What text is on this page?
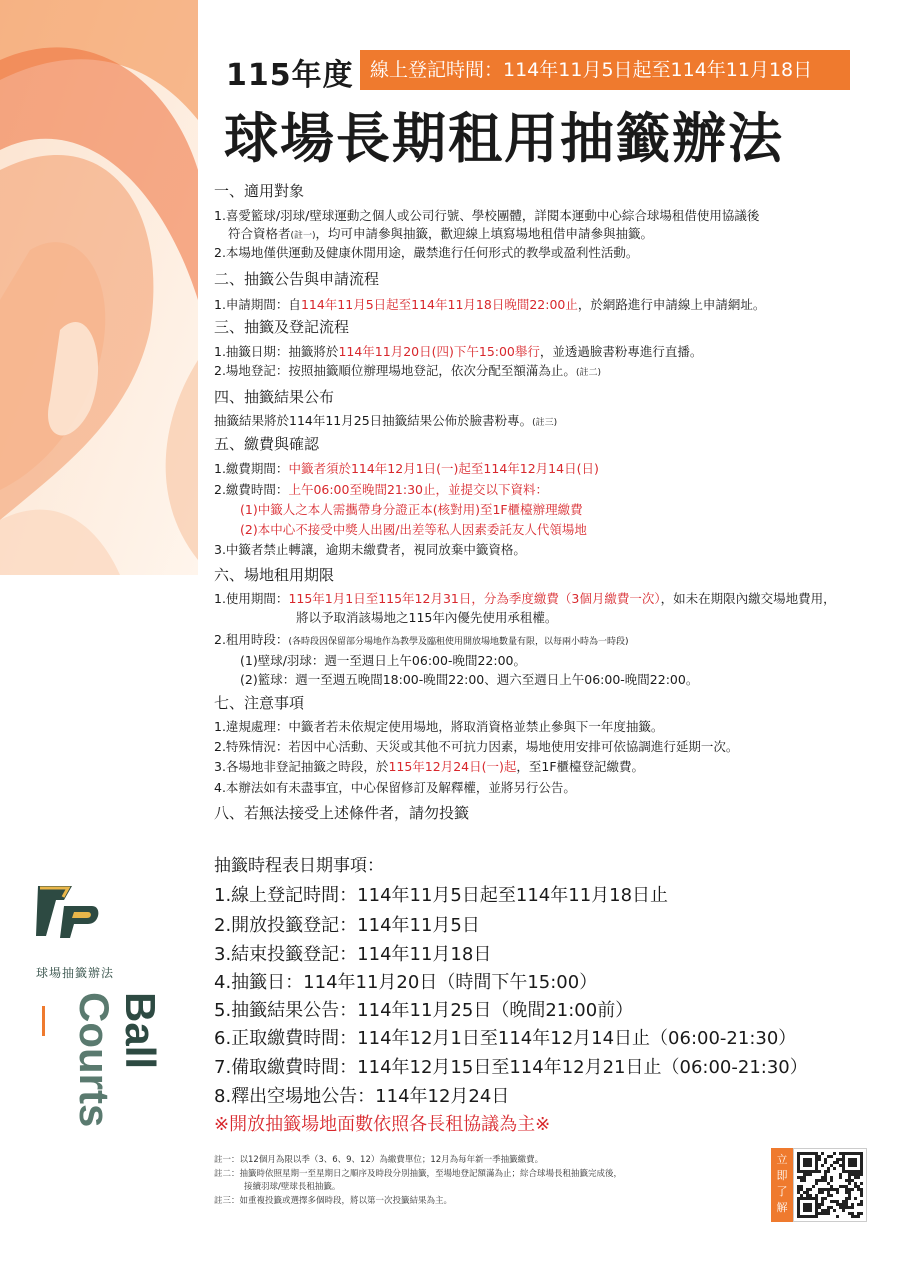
115年度 線上登記時間：114年11月5日起至114年11月18日
球場長期租用抽籤辦法
一、適用對象
1.喜愛籃球/羽球/壁球運動之個人或公司行號、學校團體，詳閱本運動中心綜合球場租借使用協議後
符合資格者(註一)，均可申請參與抽籤，歡迎線上填寫場地租借申請參與抽籤。
2.本場地僅供運動及健康休閒用途，嚴禁進行任何形式的教學或盈利性活動。
二、抽籤公告與申請流程
1.申請期間：自114年11月5日起至114年11月18日晚間22:00止，於網路進行申請線上申請網址。
三、抽籤及登記流程
1.抽籤日期：抽籤將於114年11月20日(四)下午15:00舉行，並透過臉書粉專進行直播。
2.場地登記：按照抽籤順位辦理場地登記，依次分配至額滿為止。(註二)
四、抽籤結果公布
抽籤結果將於114年11月25日抽籤結果公佈於臉書粉專。(註三)
五、繳費與確認
1.繳費期間：中籤者須於114年12月1日(一)起至114年12月14日(日)
2.繳費時間：上午06:00至晚間21:30止，並提交以下資料：
(1)中籤人之本人需攜帶身分證正本(核對用)至1F櫃檯辦理繳費
(2)本中心不接受中獎人出國/出差等私人因素委託友人代領場地
3.中籤者禁止轉讓，逾期未繳費者，視同放棄中籤資格。
六、場地租用期限
1.使用期間：115年1月1日至115年12月31日，分為季度繳費（3個月繳費一次），如未在期限內繳交場地費用，
將以予取消該場地之115年內優先使用承租權。
2.租用時段：(各時段因保留部分場地作為教學及臨租使用開放場地數量有限，以每兩小時為一時段)
(1)壁球/羽球：週一至週日上午06:00-晚間22:00。
(2)籃球：週一至週五晚間18:00-晚間22:00、週六至週日上午06:00-晚間22:00。
七、注意事項
1.違規處理：中籤者若未依規定使用場地，將取消資格並禁止參與下一年度抽籤。
2.特殊情況：若因中心活動、天災或其他不可抗力因素，場地使用安排可依協調進行延期一次。
3.各場地非登記抽籤之時段，於115年12月24日(一)起，至1F櫃檯登記繳費。
4.本辦法如有未盡事宜，中心保留修訂及解釋權，並將另行公告。
八、若無法接受上述條件者，請勿投籤
抽籤時程表日期事項：
1.線上登記時間：114年11月5日起至114年11月18日止
2.開放投籤登記：114年11月5日
3.結束投籤登記：114年11月18日
4.抽籤日：114年11月20日（時間下午15:00）
5.抽籤結果公告：114年11月25日（晚間21:00前）
6.正取繳費時間：114年12月1日至114年12月14日止（06:00-21:30）
7.備取繳費時間：114年12月15日至114年12月21日止（06:00-21:30）
8.釋出空場地公告：114年12月24日
※開放抽籤場地面數依照各長租協議為主※
註一：以12個月為限以季（3、6、9、12）為繳費單位；12月為每年新一季抽籤繳費。
註二：抽籤時依照星期一至星期日之順序及時段分別抽籤，至場地登記額滿為止；綜合球場長租抽籤完成後，
接續羽球/壁球長租抽籤。
註三：如重複投籤或選擇多個時段，將以第一次投籤結果為主。
球場抽籤辦法
Ball
Courts
立
即
了
解
